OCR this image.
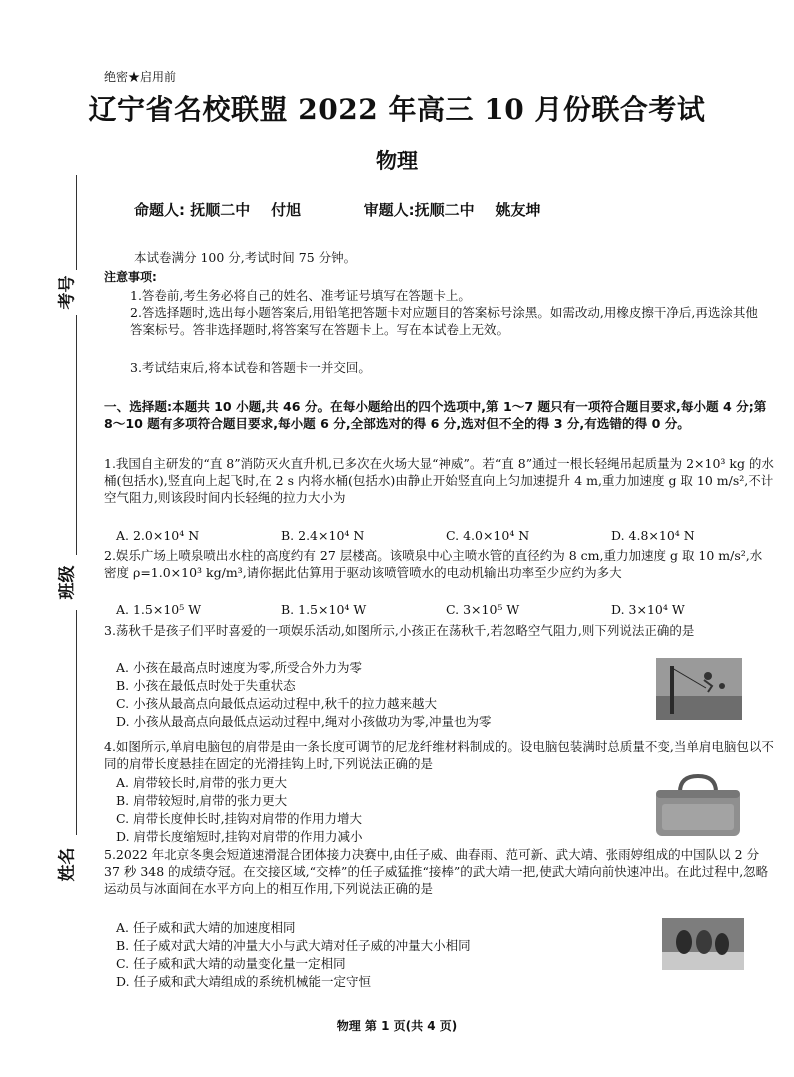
绝密★启用前
辽宁省名校联盟 2022 年高三 10 月份联合考试
物理
命题人: 抚顺二中    付旭	审题人:抚顺二中    姚友坤
考号
班级
姓名
本试卷满分 100 分,考试时间 75 分钟。
注意事项:
1.答卷前,考生务必将自己的姓名、准考证号填写在答题卡上。
2.答选择题时,选出每小题答案后,用铅笔把答题卡对应题目的答案标号涂黑。如需改动,用橡皮擦干净后,再选涂其他答案标号。答非选择题时,将答案写在答题卡上。写在本试卷上无效。
3.考试结束后,将本试卷和答题卡一并交回。
一、选择题:本题共 10 小题,共 46 分。在每小题给出的四个选项中,第 1～7 题只有一项符合题目要求,每小题 4 分;第 8～10 题有多项符合题目要求,每小题 6 分,全部选对的得 6 分,选对但不全的得 3 分,有选错的得 0 分。
1.我国自主研发的“直 8”消防灭火直升机,已多次在火场大显“神威”。若“直 8”通过一根长轻绳吊起质量为 2×10³ kg 的水桶(包括水),竖直向上起飞时,在 2 s 内将水桶(包括水)由静止开始竖直向上匀加速提升 4 m,重力加速度 g 取 10 m/s²,不计空气阻力,则该段时间内长轻绳的拉力大小为
A. 2.0×10⁴ N	B. 2.4×10⁴ N	C. 4.0×10⁴ N	D. 4.8×10⁴ N
2.娱乐广场上喷泉喷出水柱的高度约有 27 层楼高。该喷泉中心主喷水管的直径约为 8 cm,重力加速度 g 取 10 m/s²,水密度 ρ=1.0×10³ kg/m³,请你据此估算用于驱动该喷管喷水的电动机输出功率至少应约为多大
A. 1.5×10⁵ W	B. 1.5×10⁴ W	C. 3×10⁵ W	D. 3×10⁴ W
3.荡秋千是孩子们平时喜爱的一项娱乐活动,如图所示,小孩正在荡秋千,若忽略空气阻力,则下列说法正确的是
A. 小孩在最高点时速度为零,所受合外力为零
B. 小孩在最低点时处于失重状态
C. 小孩从最高点向最低点运动过程中,秋千的拉力越来越大
D. 小孩从最高点向最低点运动过程中,绳对小孩做功为零,冲量也为零
4.如图所示,单肩电脑包的肩带是由一条长度可调节的尼龙纤维材料制成的。设电脑包装满时总质量不变,当单肩电脑包以不同的肩带长度悬挂在固定的光滑挂钩上时,下列说法正确的是
A. 肩带较长时,肩带的张力更大
B. 肩带较短时,肩带的张力更大
C. 肩带长度伸长时,挂钩对肩带的作用力增大
D. 肩带长度缩短时,挂钩对肩带的作用力减小
5.2022 年北京冬奥会短道速滑混合团体接力决赛中,由任子威、曲春雨、范可新、武大靖、张雨婷组成的中国队以 2 分 37 秒 348 的成绩夺冠。在交接区域,“交棒”的任子威猛推“接棒”的武大靖一把,使武大靖向前快速冲出。在此过程中,忽略运动员与冰面间在水平方向上的相互作用,下列说法正确的是
A. 任子威和武大靖的加速度相同
B. 任子威对武大靖的冲量大小与武大靖对任子威的冲量大小相同
C. 任子威和武大靖的动量变化量一定相同
D. 任子威和武大靖组成的系统机械能一定守恒
物理 第 1 页(共 4 页)
